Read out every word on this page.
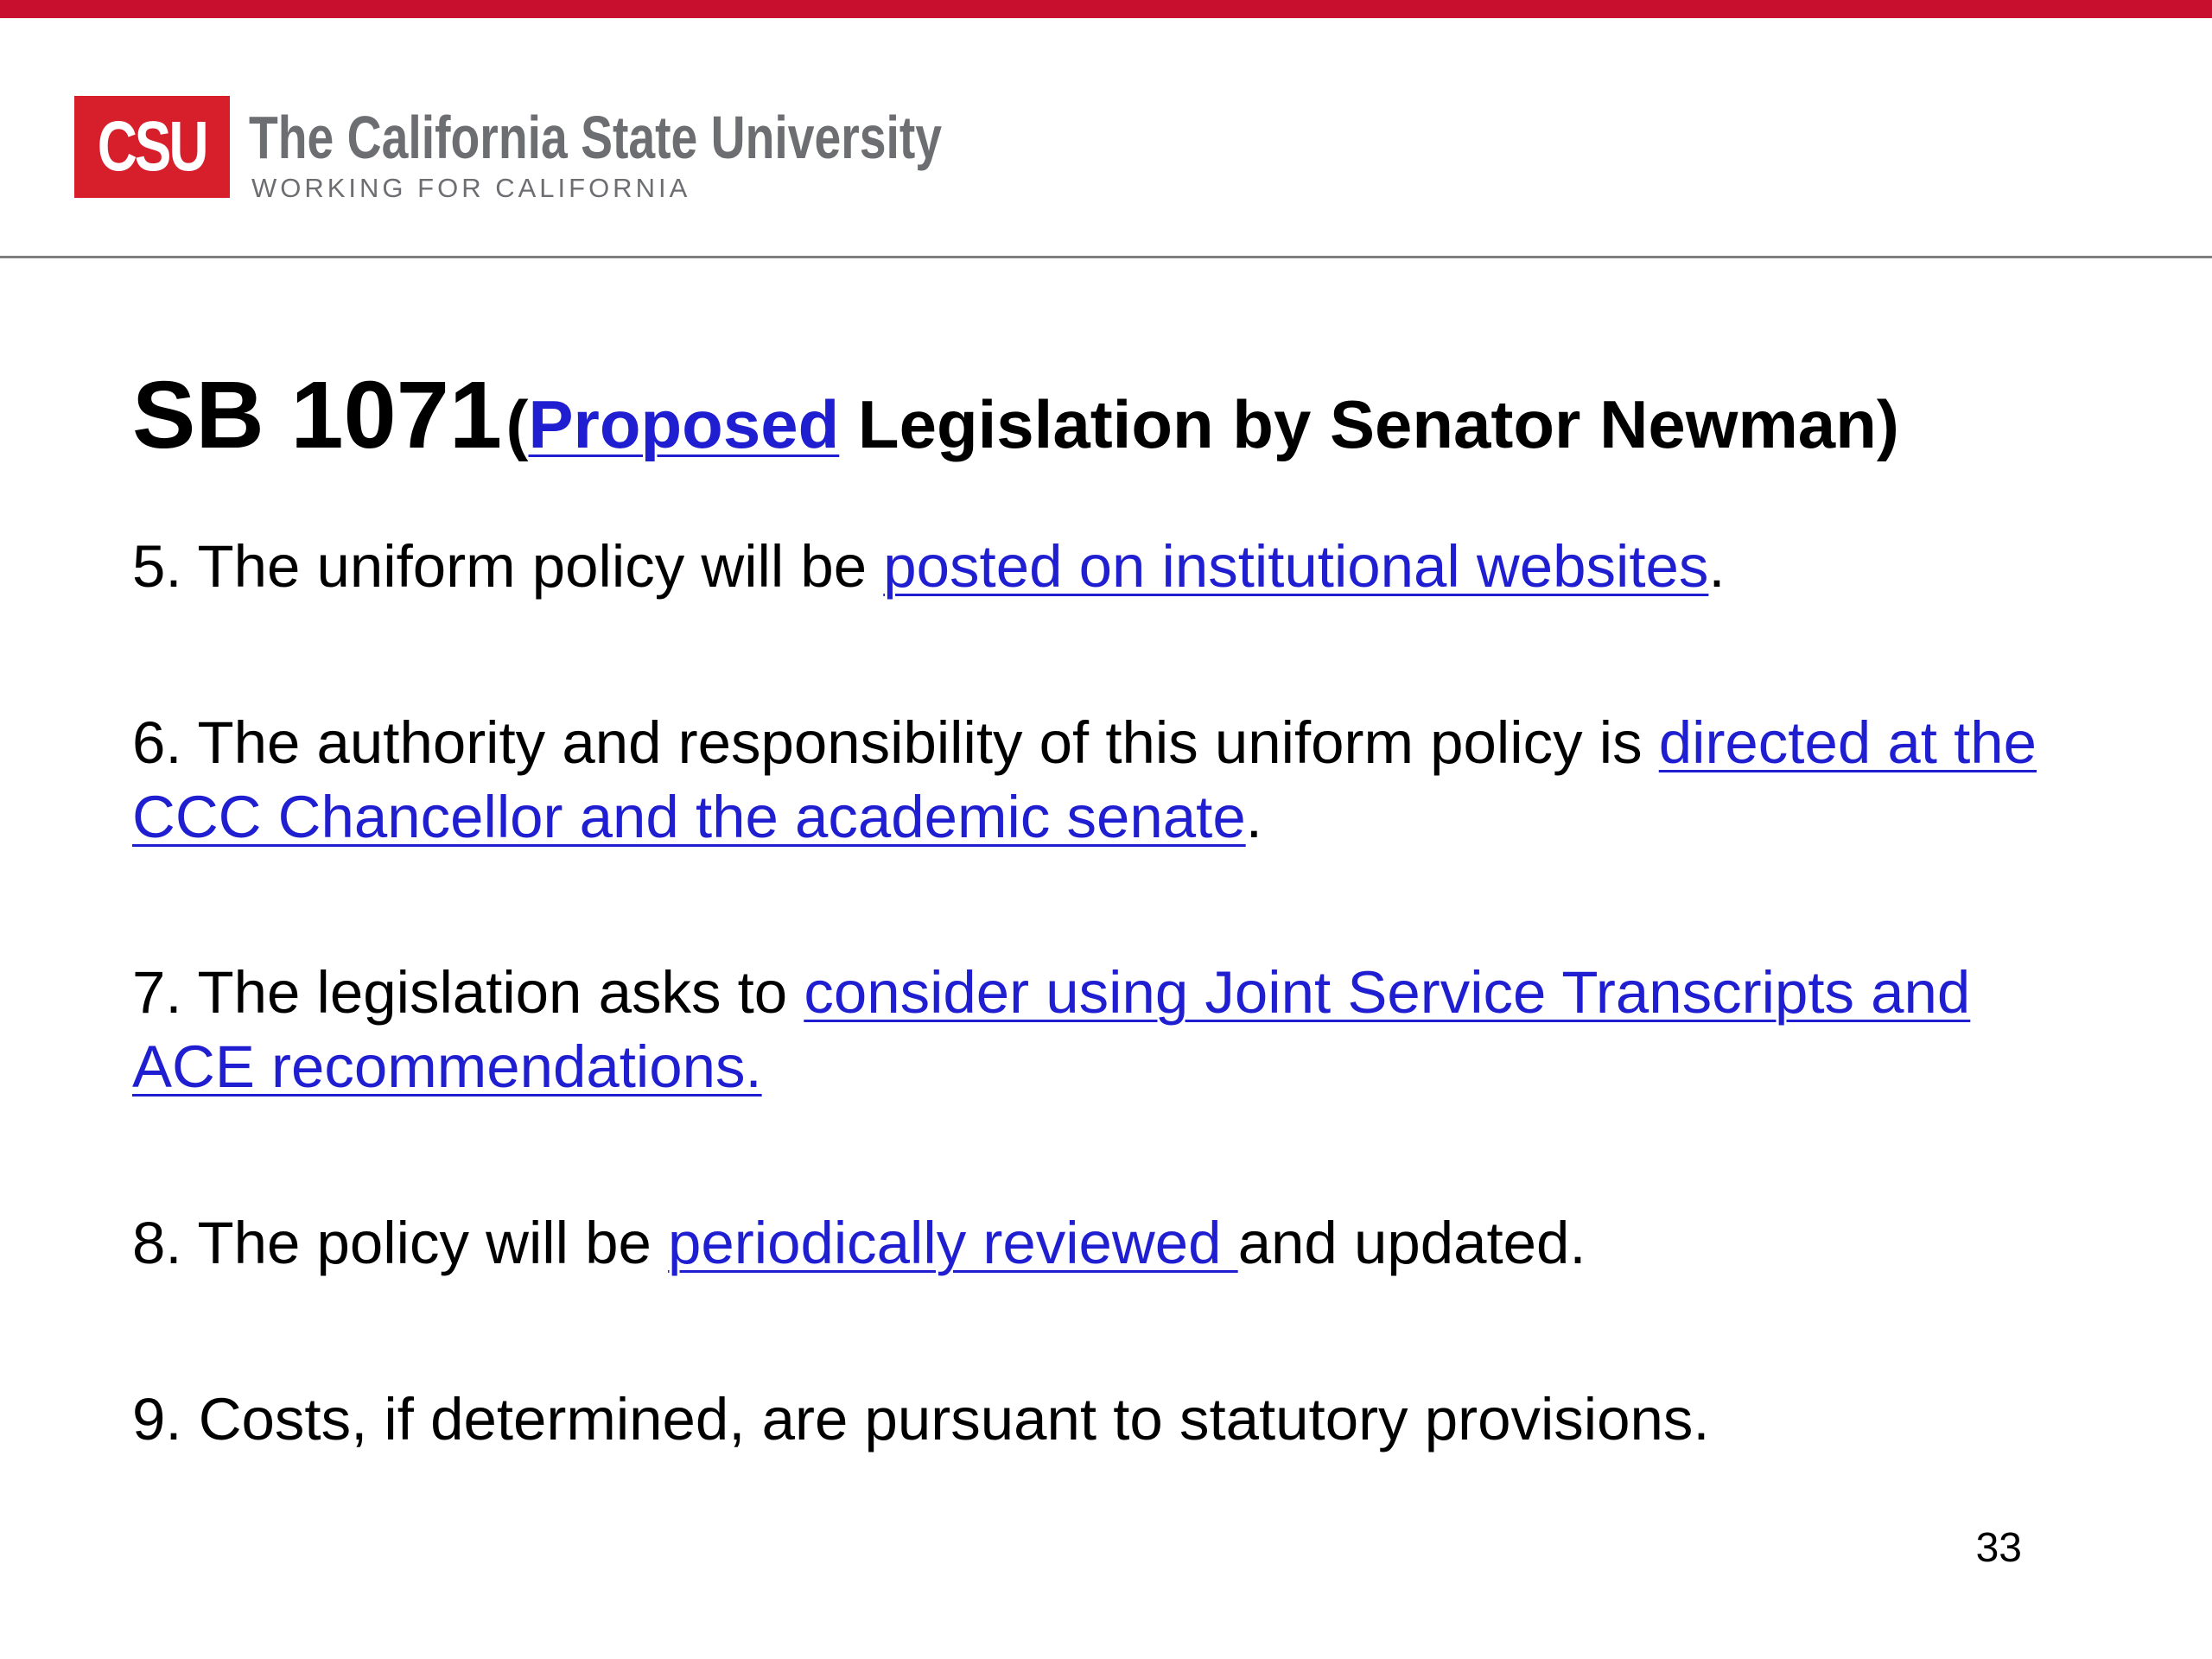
CSU The California State University
WORKING FOR CALIFORNIA
SB 1071 (Proposed Legislation by Senator Newman)
5. The uniform policy will be posted on institutional websites.
6. The authority and responsibility of this uniform policy is directed at the CCC Chancellor and the academic senate.
7. The legislation asks to consider using Joint Service Transcripts and ACE recommendations.
8. The policy will be periodically reviewed and updated.
9. Costs, if determined, are pursuant to statutory provisions.
33
